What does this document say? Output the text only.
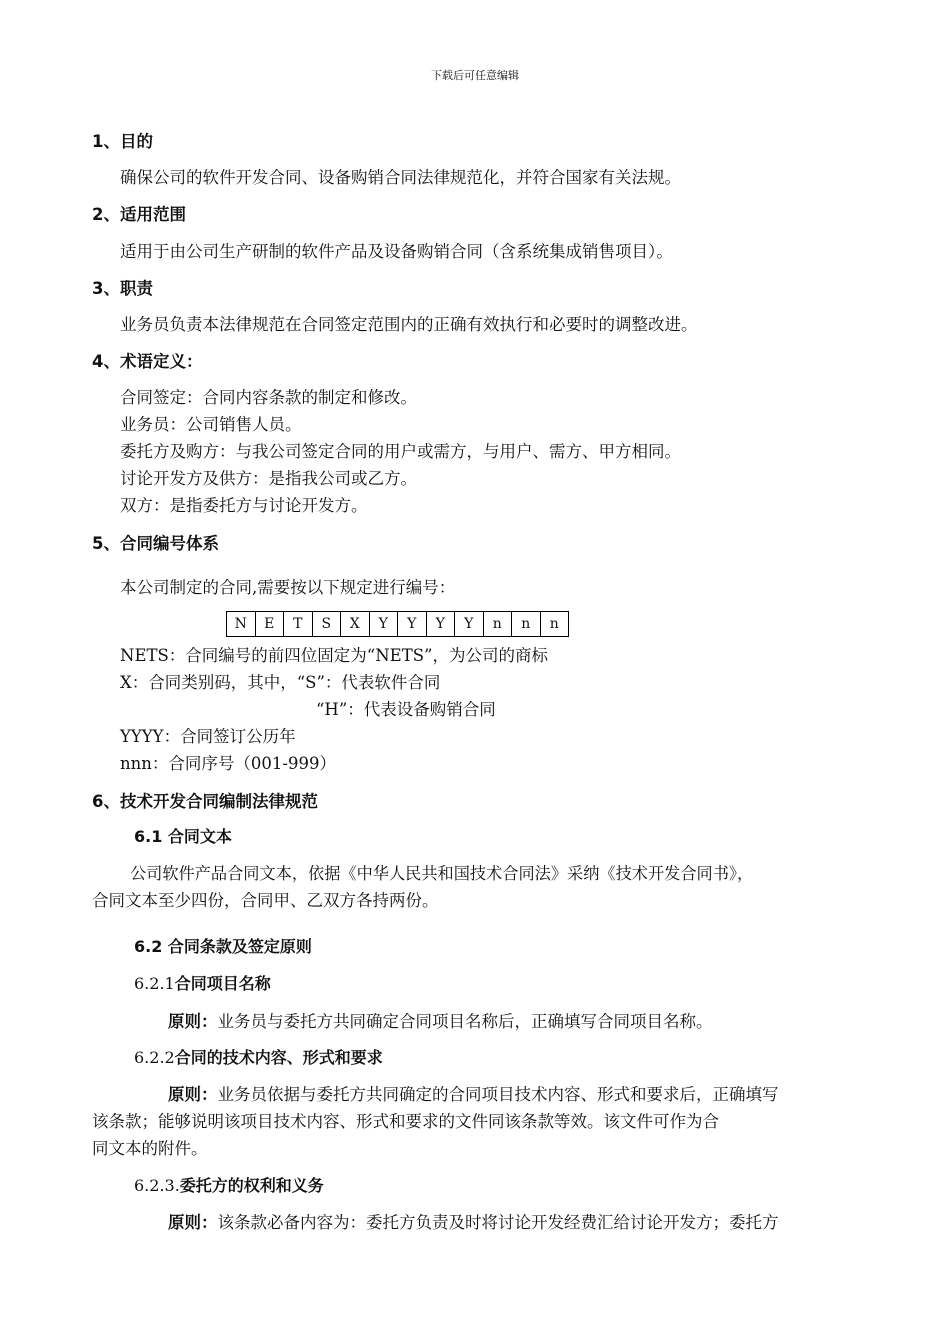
下载后可任意编辑
1、目的
确保公司的软件开发合同、设备购销合同法律规范化，并符合国家有关法规。
2、适用范围
适用于由公司生产研制的软件产品及设备购销合同（含系统集成销售项目）。
3、职责
业务员负责本法律规范在合同签定范围内的正确有效执行和必要时的调整改进。
4、术语定义：
合同签定：合同内容条款的制定和修改。
业务员：公司销售人员。
委托方及购方：与我公司签定合同的用户或需方，与用户、需方、甲方相同。
讨论开发方及供方：是指我公司或乙方。
双方：是指委托方与讨论开发方。
5、合同编号体系
本公司制定的合同,需要按以下规定进行编号：
N	E	T	S	X	Y	Y	Y	Y	n	n	n
NETS：合同编号的前四位固定为“NETS”，为公司的商标
X：合同类别码，其中，“S”：代表软件合同
“H”：代表设备购销合同
YYYY：合同签订公历年
nnn：合同序号（001-999）
6、技术开发合同编制法律规范
6.1 合同文本
公司软件产品合同文本，依据《中华人民共和国技术合同法》采纳《技术开发合同书》，
合同文本至少四份，合同甲、乙双方各持两份。
6.2 合同条款及签定原则
6.2.1合同项目名称
原则：业务员与委托方共同确定合同项目名称后，正确填写合同项目名称。
6.2.2合同的技术内容、形式和要求
原则：业务员依据与委托方共同确定的合同项目技术内容、形式和要求后，正确填写
该条款；能够说明该项目技术内容、形式和要求的文件同该条款等效。该文件可作为合
同文本的附件。
6.2.3.委托方的权利和义务
原则：该条款必备内容为：委托方负责及时将讨论开发经费汇给讨论开发方；委托方
